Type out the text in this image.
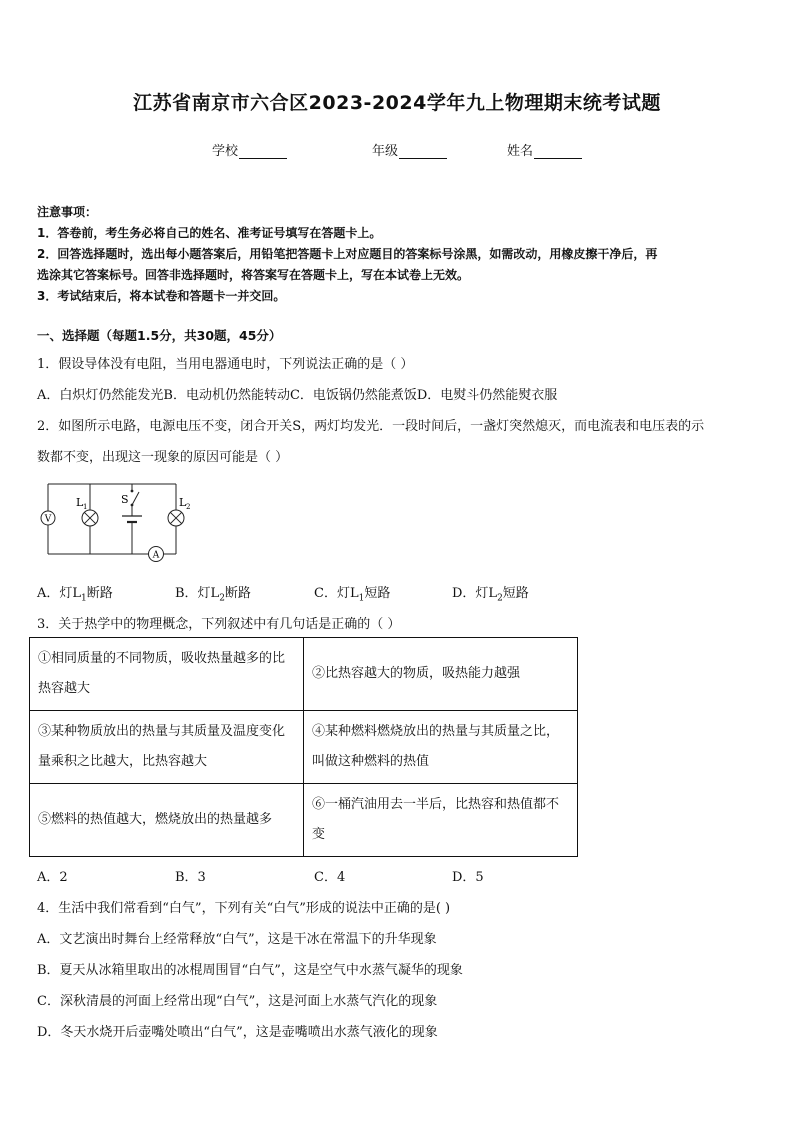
江苏省南京市六合区2023-2024学年九上物理期末统考试题
学校	年级	姓名

注意事项：

1．答卷前，考生务必将自己的姓名、准考证号填写在答题卡上。

2．回答选择题时，选出每小题答案后，用铅笔把答题卡上对应题目的答案标号涂黑，如需改动，用橡皮擦干净后，再

选涂其它答案标号。回答非选择题时，将答案写在答题卡上，写在本试卷上无效。

3．考试结束后，将本试卷和答题卡一并交回。

一、选择题（每题1.5分，共30题，45分）
1．假设导体没有电阻，当用电器通电时，下列说法正确的是（ ）
A．白炽灯仍然能发光B．电动机仍然能转动C．电饭锅仍然能煮饭D．电熨斗仍然能熨衣服
2．如图所示电路，电源电压不变，闭合开关S，两灯均发光．一段时间后，一盏灯突然熄灭，而电流表和电压表的示
数都不变，出现这一现象的原因可能是（ ）
V
L 1
S	L 2
A
A．灯$L_1$断路	B．灯$L_2$断路	C．灯$L_1$短路	D．灯$L_2$短路
3．关于热学中的物理概念，下列叙述中有几句话是正确的（ ）
①相同质量的不同物质，吸收热量越多的比热容越大	②比热容越大的物质，吸热能力越强
③某种物质放出的热量与其质量及温度变化量乘积之比越大，比热容越大	④某种燃料燃烧放出的热量与其质量之比，叫做这种燃料的热值
⑤燃料的热值越大，燃烧放出的热量越多	⑥一桶汽油用去一半后，比热容和热值都不变
A．2	B．3	C．4	D．5
4．生活中我们常看到“白气”，下列有关“白气”形成的说法中正确的是( )
A．文艺演出时舞台上经常释放“白气”，这是干冰在常温下的升华现象
B．夏天从冰箱里取出的冰棍周围冒“白气”，这是空气中水蒸气凝华的现象
C．深秋清晨的河面上经常出现“白气”，这是河面上水蒸气汽化的现象
D．冬天水烧开后壶嘴处喷出“白气”，这是壶嘴喷出水蒸气液化的现象
